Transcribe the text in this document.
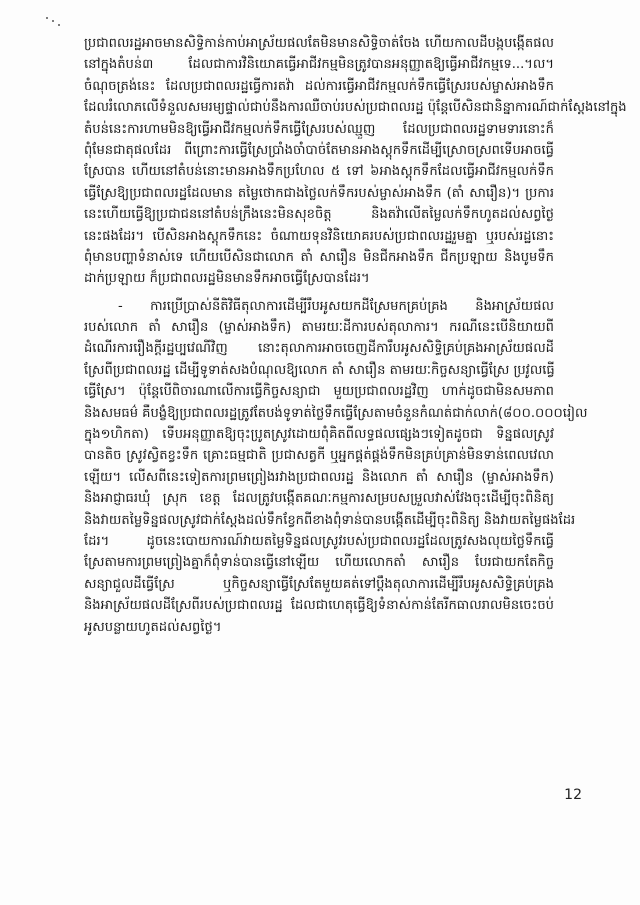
ប្រជាពលរដ្ឋអាចមានសិទ្ធិកាន់កាប់អាស្រ័យផលតែមិនមានសិទ្ធិចាត់ចែង ហើយកាលដីបង្កបង្កើតផល
នៅក្នុងតំបន់៣ ដែលជាការវិនិយោគធ្វើអាជីវកម្មមិនត្រូវបានអនុញ្ញាតឱ្យធ្វើអាជីវកម្មទេ...។ល។
ចំណុចត្រង់នេះ ដែលប្រជាពលរដ្ឋធ្វើការតវ៉ា ដល់ការធ្វើអាជីវកម្មលក់ទឹកធ្វើស្រែរបស់ម្ចាស់អាងទឹក
ដែលរំលោភលើទំនួលសមរម្យផ្ទាល់ជាប់នឹងការឈឺចាប់របស់ប្រជាពលរដ្ឋ ប៉ុន្តែបើសិនជានិន្នាការណ៍ជាក់ស្តែងនៅក្នុង
តំបន់នេះការហាមមិនឱ្យធ្វើអាជីវកម្មលក់ទឹកធ្វើស្រែរបស់ឈ្មួញ ដែលប្រជាពលរដ្ឋទាមទារនោះក៏
ពុំមែនជាតុផលដែរ ពីព្រោះការធ្វើស្រែប្រាំងចាំបាច់តែមានអាងស្តុកទឹកដើម្បីស្រោចស្រពទើបអាចធ្វើ
ស្រែបាន ហើយនៅតំបន់នោះមានអាងទឹកប្រហែល ៥ ទៅ ៦អាងស្តុកទឹកដែលធ្វើអាជីវកម្មលក់ទឹក
ធ្វើស្រែឱ្យប្រជាពលរដ្ឋដែលមាន តម្លៃថោកជាងថ្លៃលក់ទឹករបស់ម្ចាស់អាងទឹក (តាំ សារឿន)។ ប្រការ
នេះហើយធ្វើឱ្យប្រជាជននៅតំបន់ក្រឹងនេះមិនសុខចិត្ត និងតវ៉ាលើតម្លៃលក់ទឹកហូតដល់សព្វថ្ងៃ
នេះផងដែរ។ បើសិនអាងស្តុកទឹកនេះ ចំណាយទុនវិនិយោគរបស់ប្រជាពលរដ្ឋរួមគ្នា ឬរបស់រដ្ឋនោះ
ពុំមានបញ្ហាទំនាស់ទេ ហើយបើសិនជាលោក តាំ សារឿន មិនជីកអាងទឹក ជីកប្រឡាយ និងបូមទឹក
ដាក់ប្រឡាយ ក៏ប្រជាពលរដ្ឋមិនមានទឹកអាចធ្វើស្រែបានដែរ។
- ការប្រើប្រាស់នីតិវិធីតុលាការដើម្បីរឹបអូសយកដីស្រែមកគ្រប់គ្រង និងអាស្រ័យផល
របស់លោក តាំ សារឿន (ម្ចាស់អាងទឹក) តាមរយៈដីការបស់តុលាការ។ ករណីនេះបើនិយាយពី
ដំណើរការរឿងក្តីរដ្ឋប្បវេណីវិញ នោះតុលាការអាចចេញដីការឹបអូសសិទ្ធិគ្រប់គ្រងអាស្រ័យផលដី
ស្រែពីប្រជាពលរដ្ឋ ដើម្បីទូទាត់សងបំណុលឱ្យលោក តាំ សារឿន តាមរយៈកិច្ចសន្យាធ្វើស្រែ ប្រវូលធ្វើ
ធ្វើស្រែ។ ប៉ុន្តែបើពិចារណាលើការធ្វើកិច្ចសន្យាជា មួយប្រជាពលរដ្ឋវិញ ហាក់ដូចជាមិនសមភាព
និងសមធម៌ គឺបង្ខំឱ្យប្រជាពលរដ្ឋត្រូវតែបង់ទូទាត់ថ្លៃទឹកធ្វើស្រែតាមចំនួនកំណត់ជាក់លាក់(៨០០.០០០រៀល
ក្នុង១ហិកតា) ទើបអនុញ្ញាតឱ្យចុះប្រូតស្រូវដោយពុំគិតពីលទ្ធផលផ្សេងៗទៀតដូចជា ទិន្នផលស្រូវ
បានតិច ស្រូវស្វិតខ្វះទឹក គ្រោះធម្មជាតិ ប្រជាសត្វកី ឬអ្នកផ្គត់ផ្គង់ទឹកមិនគ្រប់គ្រាន់មិនទាន់ពេលវេលា
ឡើយ។ លើសពីនេះទៀតការព្រមព្រៀងរវាងប្រជាពលរដ្ឋ និងលោក តាំ សារឿន (ម្ចាស់អាងទឹក)
និងអាជ្ញាធរឃុំ ស្រុក ខេត្ត ដែលត្រូវបង្កើតគណៈកម្មការសម្របសម្រួលវាស់វែងចុះដើម្បីចុះពិនិត្យ
និងវាយតម្លៃទិន្នផលស្រូវជាក់ស្តែងដល់ទឹកខ្វែកពីខាងពុំទាន់បានបង្កើតដើម្បីចុះពិនិត្យ និងវាយតម្លៃផងដែរ
ដែរ។ ដូចនេះបោយការណ៍វាយតម្លៃទិន្នផលស្រូវរបស់ប្រជាពលរដ្ឋដែលត្រូវសងលុយថ្លៃទឹកធ្វើ
ស្រែតាមការព្រមព្រៀងគ្នាក៏ពុំទាន់បានធ្វើនៅឡើយ ហើយលោកតាំ សារឿន បែរជាយកតែកិច្ច
សន្យាជួលដីធ្វើស្រែ ឬកិច្ចសន្យាធ្វើស្រែតែមួយគត់ទៅប្តឹងតុលាការដើម្បីរឹបអូសសិទ្ធិគ្រប់គ្រង
និងអាស្រ័យផលដីស្រែពីរបស់ប្រជាពលរដ្ឋ ដែលជាហេតុធ្វើឱ្យទំនាស់កាន់តែរីកធាលរាលមិនចេះចប់
អូសបន្លាយហូតដល់សព្វថ្ងៃ។
12
